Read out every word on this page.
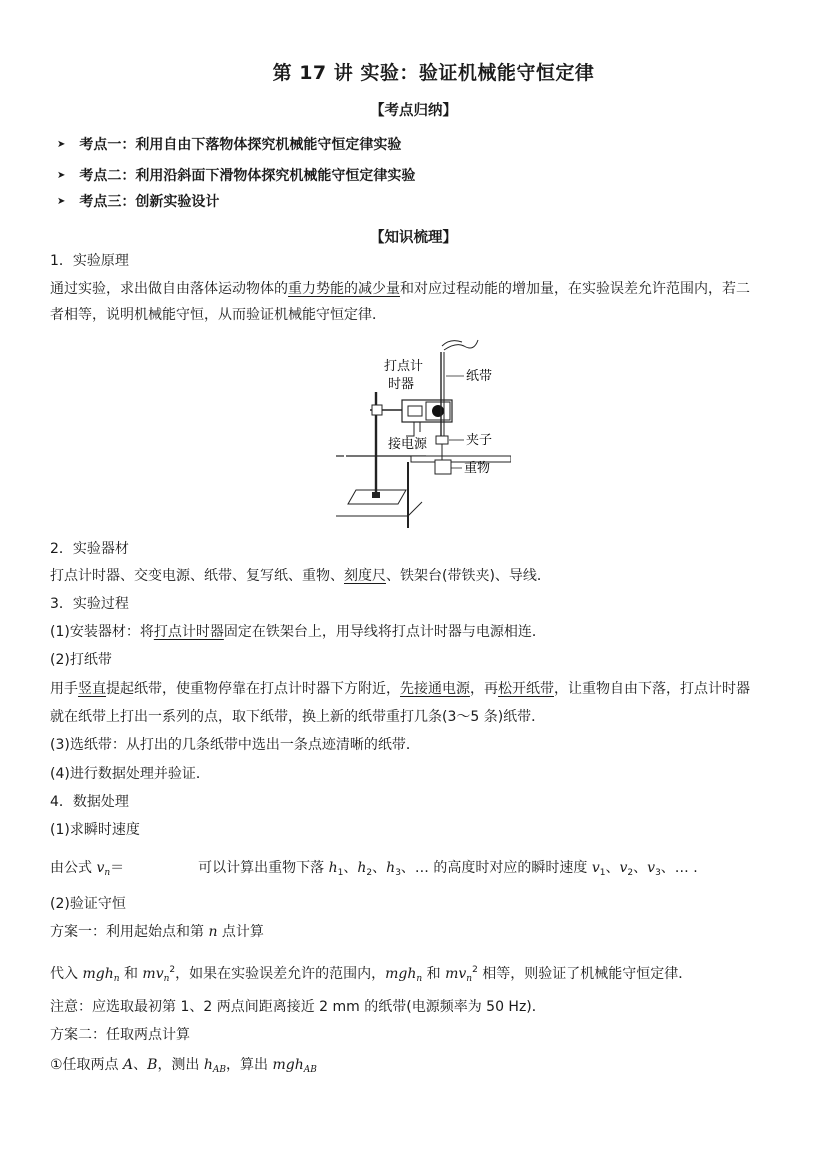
第 17 讲 实验：验证机械能守恒定律
【考点归纳】
➤ 考点一：利用自由下落物体探究机械能守恒定律实验
➤ 考点二：利用沿斜面下滑物体探究机械能守恒定律实验
➤ 考点三：创新实验设计
【知识梳理】
1．实验原理
通过实验，求出做自由落体运动物体的重力势能的减少量和对应过程动能的增加量，在实验误差允许范围内，若二
者相等，说明机械能守恒，从而验证机械能守恒定律．
打点计
时器
纸带
接电源	夹子
重物
2．实验器材
打点计时器、交变电源、纸带、复写纸、重物、刻度尺、铁架台(带铁夹)、导线．
3．实验过程
(1)安装器材：将打点计时器固定在铁架台上，用导线将打点计时器与电源相连．
(2)打纸带
用手竖直提起纸带，使重物停靠在打点计时器下方附近，先接通电源，再松开纸带，让重物自由下落，打点计时器
就在纸带上打出一系列的点，取下纸带，换上新的纸带重打几条(3～5 条)纸带．
(3)选纸带：从打出的几条纸带中选出一条点迹清晰的纸带．
(4)进行数据处理并验证．
4．数据处理
(1)求瞬时速度
由公式 $v_n=$	可以计算出重物下落 $h_1$、$h_2$、$h_3$、… 的高度时对应的瞬时速度 $v_1$、$v_2$、$v_3$、… .
(2)验证守恒
方案一：利用起始点和第 n 点计算
代入 mgh$_n$ 和 $mv_n^2$，如果在实验误差允许的范围内，mgh$_n$ 和 $mv_n^2$ 相等，则验证了机械能守恒定律．
注意：应选取最初第 1、2 两点间距离接近 2 mm 的纸带(电源频率为 50 Hz)．
方案二：任取两点计算
①任取两点 A、B，测出 $h_{AB}$，算出 mgh$_{AB}$
